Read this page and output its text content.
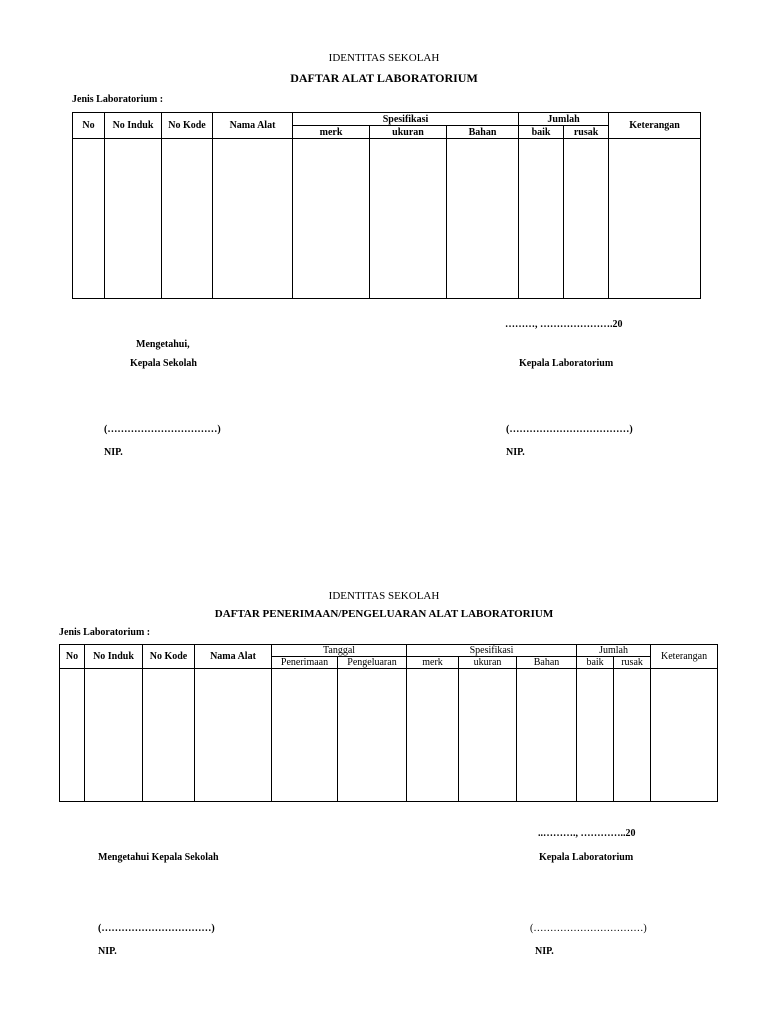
IDENTITAS SEKOLAH
DAFTAR ALAT LABORATORIUM
Jenis Laboratorium :
No	No Induk	No Kode	Nama Alat	Spesifikasi			Jumlah		Keterangan
				merk	ukuran	Bahan	baik	rusak	

………, ………………….20
Mengetahui,
Kepala Sekolah	Kepala Laboratorium
(……………………………)	(………………………………)
NIP.	NIP.
IDENTITAS SEKOLAH
DAFTAR PENERIMAAN/PENGELUARAN ALAT LABORATORIUM
Jenis Laboratorium :
No	No Induk	No Kode	Nama Alat	Tanggal		Spesifikasi			Jumlah		Keterangan
				Penerimaan	Pengeluaran	merk	ukuran	Bahan	baik	rusak	

..………., …………..20
Mengetahui Kepala Sekolah	Kepala Laboratorium
(……………………………)	(……………………………)
NIP.	NIP.
